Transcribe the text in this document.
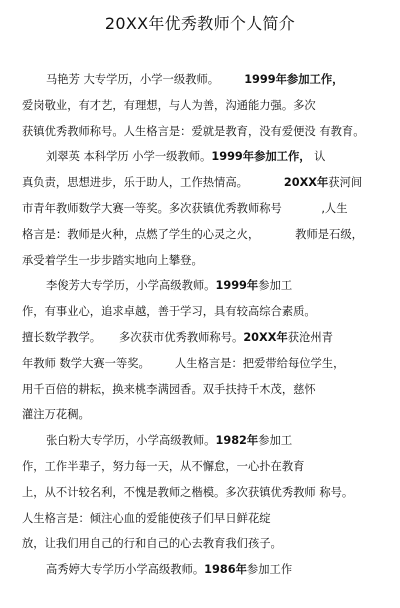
20XX年优秀教师个人简介
马艳芳 大专学历，小学一级教师。       1999年参加工作，
爱岗敬业，有才艺，有理想，与人为善，沟通能力强。多次
获镇优秀教师称号。人生格言是：爱就是教育，没有爱便没 有教育。
刘翠英 本科学历 小学一级教师。1999年参加工作， 认
真负责，思想进步，乐于助人，工作热情高。          20XX年获河间
市青年教师数学大赛一等奖。多次获镇优秀教师称号           ,人生
格言是：教师是火种，点燃了学生的心灵之火，          教师是石级，
承受着学生一步步踏实地向上攀登。
李俊芳大专学历，小学高级教师。1999年参加工
作，有事业心，追求卓越，善于学习，具有较高综合素质。
擅长数学教学。     多次获市优秀教师称号。20XX年获沧州青
年教师 数学大赛一等奖。       人生格言是：把爱带给每位学生，
用千百倍的耕耘，换来桃李满园香。双手扶持千木茂，慈怀
灌注万花稠。
张白粉大专学历，小学高级教师。1982年参加工
作，工作半辈子，努力每一天，从不懈怠，一心扑在教育
上，从不计较名利，不愧是教师之楷模。多次获镇优秀教师 称号。
人生格言是：倾注心血的爱能使孩子们早日鲜花绽
放，让我们用自己的行和自己的心去教育我们孩子。
高秀婷大专学历小学高级教师。1986年参加工作
